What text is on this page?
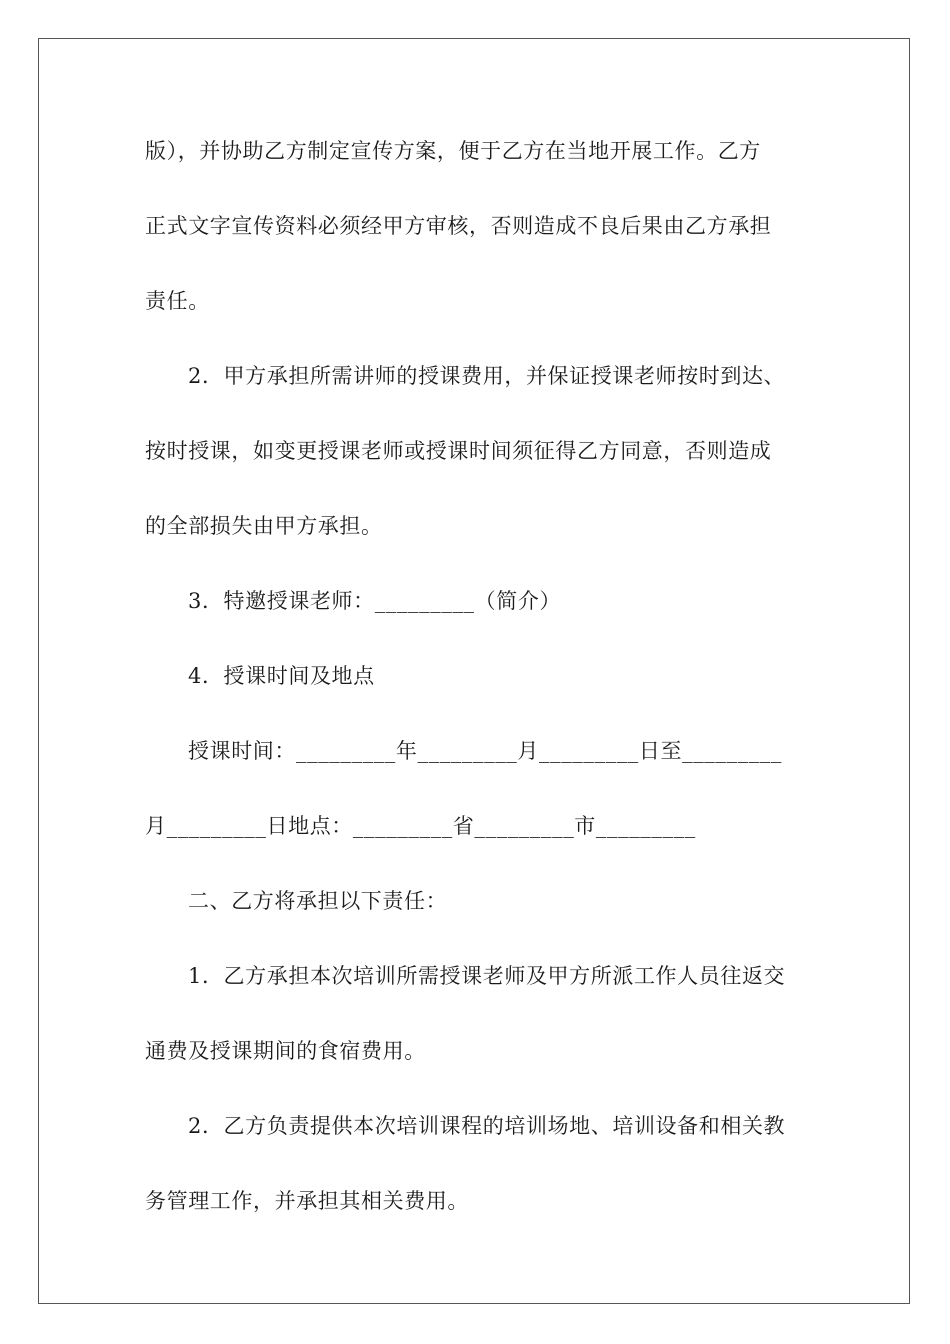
版），并协助乙方制定宣传方案，便于乙方在当地开展工作。乙方
正式文字宣传资料必须经甲方审核，否则造成不良后果由乙方承担
责任。
2．甲方承担所需讲师的授课费用，并保证授课老师按时到达、
按时授课，如变更授课老师或授课时间须征得乙方同意，否则造成
的全部损失由甲方承担。
3．特邀授课老师：_________（简介）
4．授课时间及地点
授课时间：_________年_________月_________日至_________
月_________日地点：_________省_________市_________
二、乙方将承担以下责任：
1．乙方承担本次培训所需授课老师及甲方所派工作人员往返交
通费及授课期间的食宿费用。
2．乙方负责提供本次培训课程的培训场地、培训设备和相关教
务管理工作，并承担其相关费用。
